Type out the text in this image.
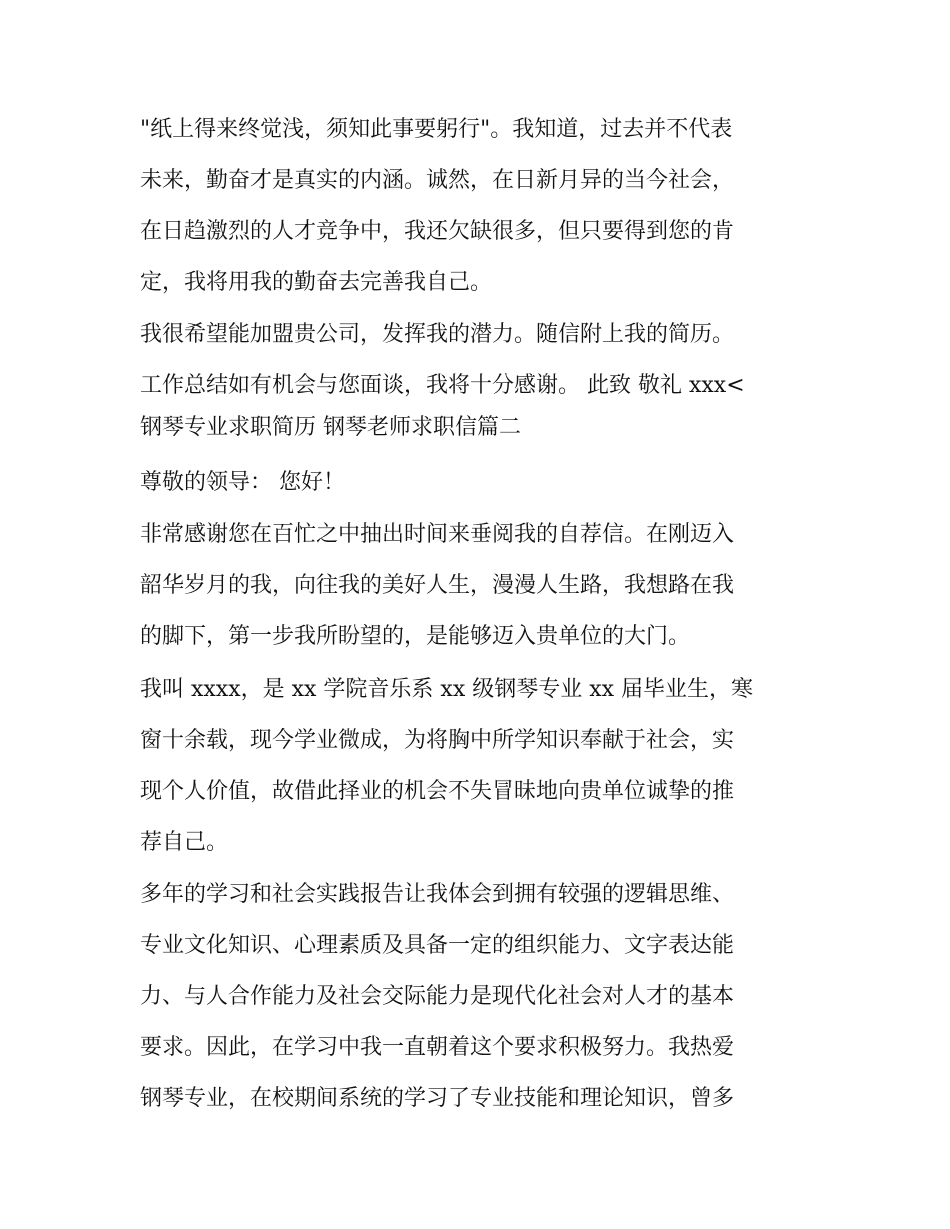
"纸上得来终觉浅，须知此事要躬行"。我知道，过去并不代表
未来，勤奋才是真实的内涵。诚然，在日新月异的当今社会，
在日趋激烈的人才竞争中，我还欠缺很多，但只要得到您的肯
定，我将用我的勤奋去完善我自己。
我很希望能加盟贵公司，发挥我的潜力。随信附上我的简历。
工作总结如有机会与您面谈，我将十分感谢。 此致 敬礼 xxx<
钢琴专业求职简历 钢琴老师求职信篇二
尊敬的领导： 您好！
非常感谢您在百忙之中抽出时间来垂阅我的自荐信。在刚迈入
韶华岁月的我，向往我的美好人生，漫漫人生路，我想路在我
的脚下，第一步我所盼望的，是能够迈入贵单位的大门。
我叫 xxxx，是 xx 学院音乐系 xx 级钢琴专业 xx 届毕业生，寒
窗十余载，现今学业微成，为将胸中所学知识奉献于社会，实
现个人价值，故借此择业的机会不失冒昧地向贵单位诚挚的推
荐自己。
多年的学习和社会实践报告让我体会到拥有较强的逻辑思维、
专业文化知识、心理素质及具备一定的组织能力、文字表达能
力、与人合作能力及社会交际能力是现代化社会对人才的基本
要求。因此，在学习中我一直朝着这个要求积极努力。我热爱
钢琴专业，在校期间系统的学习了专业技能和理论知识，曾多
